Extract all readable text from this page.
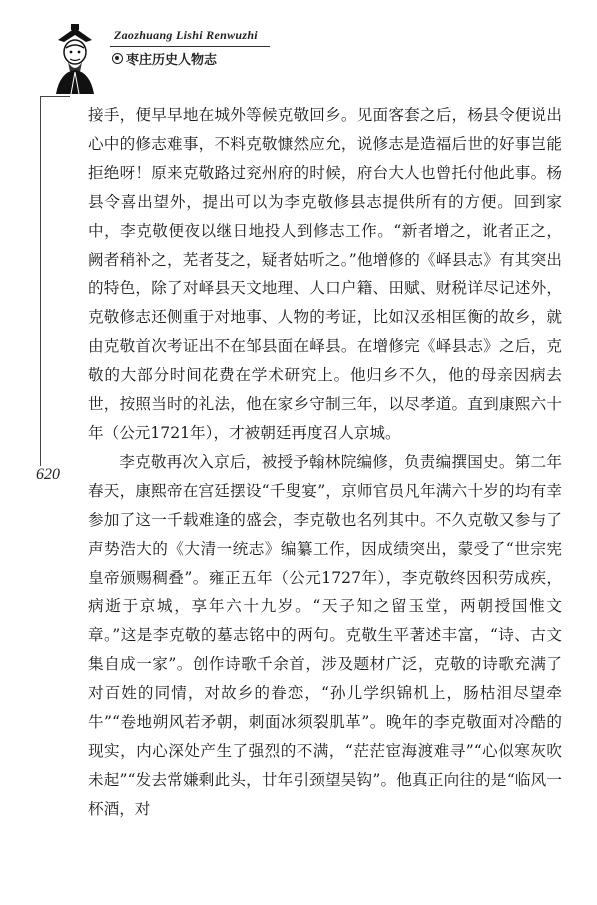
Zaozhuang Lishi Renwuzhi
枣庄历史人物志
620

接手，便早早地在城外等候克敬回乡。见面客套之后，杨县令便说出心中的修志难事，不料克敬慷然应允，说修志是造福后世的好事岂能拒绝呀！原来克敬路过兖州府的时候，府台大人也曾托付他此事。杨县令喜出望外，提出可以为李克敬修县志提供所有的方便。回到家中，李克敬便夜以继日地投人到修志工作。“新者增之，讹者正之，阙者稍补之，芜者芟之，疑者姑听之。”他增修的《峄县志》有其突出的特色，除了对峄县天文地理、人口户籍、田赋、财税详尽记述外，克敬修志还侧重于对地事、人物的考证，比如汉丞相匡衡的故乡，就由克敬首次考证出不在邹县面在峄县。在增修完《峄县志》之后，克敬的大部分时间花费在学术研究上。他归乡不久，他的母亲因病去世，按照当时的礼法，他在家乡守制三年，以尽孝道。直到康熙六十年（公元1721年），才被朝廷再度召人京城。

李克敬再次入京后，被授予翰林院编修，负责编撰国史。第二年春天，康熙帝在宫廷摆设“千叟宴”，京师官员凡年满六十岁的均有幸参加了这一千载难逢的盛会，李克敬也名列其中。不久克敬又参与了声势浩大的《大清一统志》编纂工作，因成绩突出，蒙受了“世宗宪皇帝颁赐稠叠”。雍正五年（公元1727年），李克敬终因积劳成疾，病逝于京城，享年六十九岁。“天子知之留玉堂，两朝授国惟文章。”这是李克敬的墓志铭中的两句。克敬生平著述丰富，“诗、古文集自成一家”。创作诗歌千余首，涉及题材广泛，克敬的诗歌充满了对百姓的同情，对故乡的眷恋，“孙儿学织锦机上，肠枯泪尽望牵牛”“卷地朔风若矛朝，刺面冰须裂肌革”。晚年的李克敬面对冷酷的现实，内心深处产生了强烈的不满，“茫茫宦海渡难寻”“心似寒灰吹未起”“发去常嫌剩此头，廿年引颈望吴钩”。他真正向往的是“临风一杯酒，对
